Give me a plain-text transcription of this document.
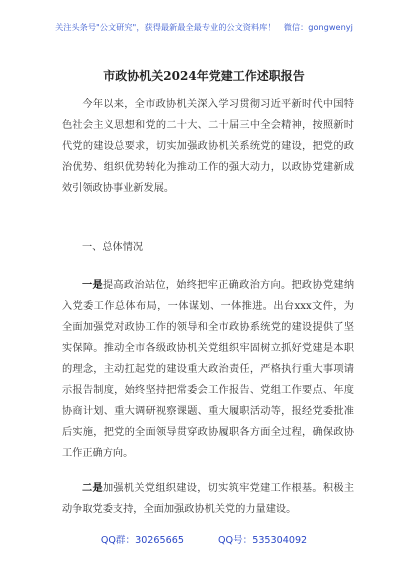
关注头条号"公文研究"，获得最新最全最专业的公文资料库！　微信：gongwenyj
市政协机关2024年党建工作述职报告
今年以来，全市政协机关深入学习贯彻习近平新时代中国特色社会主义思想和党的二十大、二十届三中全会精神，按照新时代党的建设总要求，切实加强政协机关系统党的建设，把党的政治优势、组织优势转化为推动工作的强大动力，以政协党建新成效引领政协事业新发展。
一、总体情况
一是提高政治站位，始终把牢正确政治方向。把政协党建纳入党委工作总体布局，一体谋划、一体推进。出台xxx文件，为全面加强党对政协工作的领导和全市政协系统党的建设提供了坚实保障。推动全市各级政协机关党组织牢固树立抓好党建是本职的理念，主动扛起党的建设重大政治责任，严格执行重大事项请示报告制度，始终坚持把常委会工作报告、党组工作要点、年度协商计划、重大调研视察课题、重大履职活动等，报经党委批准后实施，把党的全面领导贯穿政协履职各方面全过程，确保政协工作正确方向。
二是加强机关党组织建设，切实筑牢党建工作根基。积极主动争取党委支持，全面加强政协机关党的力量建设。
QQ群：30265665	QQ号：535304092
